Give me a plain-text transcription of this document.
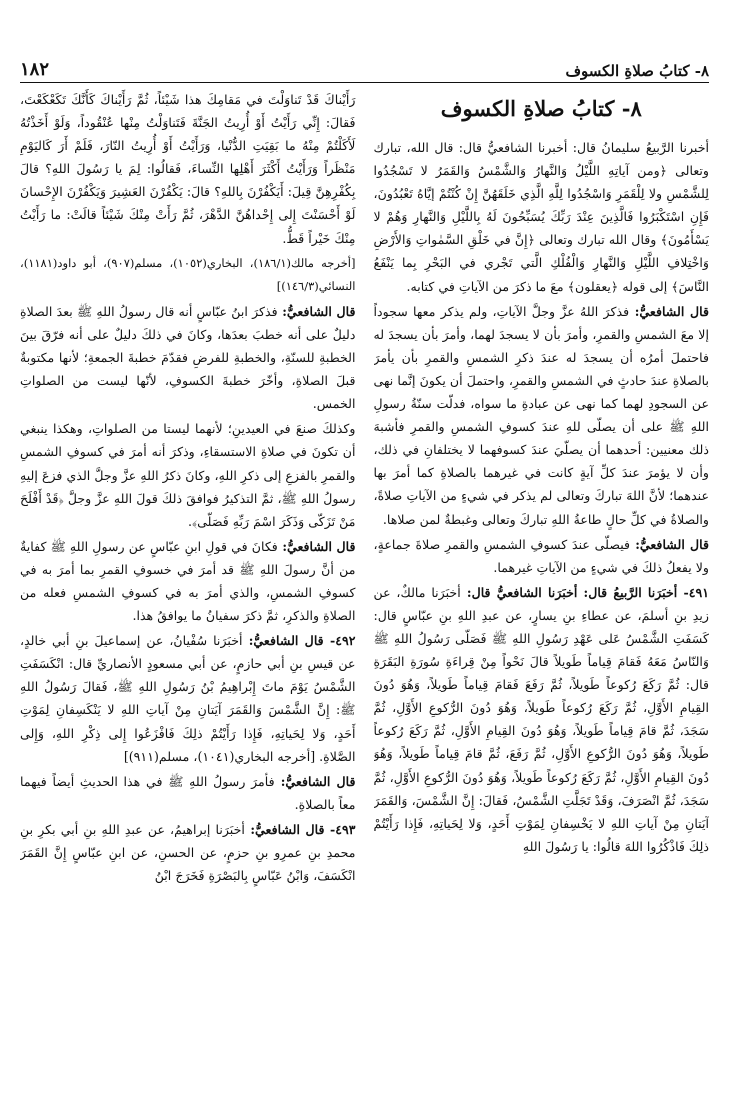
٨- كتابُ صلاةِ الكسوف
١٨٢
٨- كتابُ صلاةِ الكسوف

أخبرنا الرَّبيعُ سليمانُ قال: أخبرنا الشافعيُّ قال: قال الله، تبارك وتعالى ﴿ومن آياتِهِ اللَّيْلُ وَالنَّهارُ وَالشَّمْسُ وَالقَمَرُ لا تَسْجُدُوا لِلشَّمْسِ ولا لِلْقَمَرِ وَاسْجُدُوا لِلَّهِ الَّذِي خَلَقَهُنَّ إِنْ كُنْتُمْ إيَّاهُ تَعْبُدُونَ، فَإِنِ اسْتَكْبَرُوا فَالَّذِينَ عِنْدَ رَبِّكَ يُسَبِّحُونَ لَهُ بِاللَّيْلِ وَالنَّهارِ وَهُمْ لا يَسْأَمُونَ﴾ وقال الله تبارك وتعالى ﴿إِنَّ في خَلْقِ السَّمٰواتِ وَالأَرْضِ وَاخْتِلافِ اللَّيْلِ وَالنَّهارِ وَالْفُلْكِ الَّتي تَجْري في البَحْرِ بِما يَنْفَعُ النَّاسَ﴾ إلى قوله ﴿يعقلون﴾ معَ ما ذكرَ من الآياتِ في كتابه.

قال الشافعيُّ: فذكرَ اللهُ عزَّ وجلَّ الآياتِ، ولم يذكر معها سجوداً إلا معَ الشمسِ والقمرِ، وأمرَ بأن لا يسجدَ لهما، وأمرَ بأن يسجدَ له فاحتملَ أمرُه أن يسجدَ له عندَ ذكرِ الشمسِ والقمرِ بأن يأمرَ بالصلاةِ عندَ حادثٍ في الشمسِ والقمرِ، واحتملَ أن يكونَ إنَّما نهى عن السجودِ لهما كما نهى عن عبادةِ ما سواه، فدلّت سنّةُ رسولِ اللهِ ﷺ على أن يصلّى للهِ عندَ كسوفِ الشمسِ والقمرِ فأشبهَ ذلك معنيين: أحدهما أن يصلّيَ عندَ كسوفهما لا يختلفانِ في ذلك، وأن لا يؤمرَ عندَ كلِّ آيةٍ كانت في غيرهما بالصلاةِ كما أمرَ بها عندهما؛ لأنَّ اللهَ تباركَ وتعالى لم يذكر في شيءٍ من الآياتِ صلاةً، والصلاةُ في كلِّ حالٍ طاعةُ اللهِ تباركَ وتعالى وغبطةٌ لمن صلاها.

قال الشافعيُّ: فيصلّى عندَ كسوفِ الشمسِ والقمرِ صلاةَ جماعةٍ، ولا يفعلُ ذلكَ في شيءٍ من الآياتِ غيرهما.

٤٩١- أخبَرَنا الرَّبيعُ قال: أخبَرَنا الشافعيُّ قال: أخبَرَنا مالكٌ، عن زيدِ بنِ أسلمَ، عن عطاءِ بنِ يسارٍ، عن عبدِ اللهِ بنِ عبّاسٍ قال: كَسَفَتِ الشَّمْسُ عَلى عَهْدِ رَسُولِ اللهِ ﷺ فَصَلّى رَسُولُ اللهِ ﷺ وَالنّاسُ مَعَهُ فَقامَ قِياماً طَويلاً قالَ نَحْواً مِنْ قِراءَةِ سُورَةِ البَقَرَةِ قال: ثُمَّ رَكَعَ رُكوعاً طَويلاً، ثُمَّ رَفَعَ فَقامَ قِياماً طَويلاً، وَهُوَ دُونَ القِيامِ الأَوَّلِ، ثُمَّ رَكَعَ رُكوعاً طَويلاً، وَهُوَ دُونَ الرُّكوعِ الأَوَّلِ، ثُمَّ سَجَدَ، ثُمَّ قامَ قِياماً طَويلاً، وَهُوَ دُونَ القِيامِ الأَوَّلِ، ثُمَّ رَكَعَ رُكوعاً طَويلاً، وَهُوَ دُونَ الرُّكوعِ الأَوَّلِ، ثُمَّ رَفَعَ، ثُمَّ قامَ قِياماً طَويلاً، وَهُوَ دُونَ القِيامِ الأَوَّلِ، ثُمَّ رَكَعَ رُكوعاً طَويلاً، وَهُوَ دُونَ الرُّكوعِ الأَوَّلِ، ثُمَّ سَجَدَ، ثُمَّ انْصَرَفَ، وَقَدْ تَجَلَّتِ الشَّمْسُ، فَقالَ: إِنَّ الشَّمْسَ، وَالقَمَرَ آيَتانِ مِنْ آياتِ اللهِ لا يَخْسِفانِ لِمَوْتِ أَحَدٍ، وَلا لِحَياتِهِ، فَإِذا رَأَيْتُمْ ذلِكَ فَاذْكُرُوا اللهَ قالُوا: يا رَسُولَ اللهِ

رَأَيْناكَ قَدْ تَناوَلْتَ في مَقامِكَ هذا شَيْئاً، ثُمَّ رَأَيْناكَ كَأَنَّكَ تَكَعْكَعْتَ، فَقالَ: إِنِّي رَأَيْتُ أَوْ أُرِيتُ الجَنَّةَ فَتَناوَلْتُ مِنْها عُنْقُوداً، وَلَوْ أَخَذْتُهُ لَأَكَلْتُمْ مِنْهُ ما بَقِيَتِ الدُّنْيا، وَرَأَيْتُ أَوْ أُرِيتُ النّارَ، فَلَمْ أَرَ كَاليَوْمِ مَنْظَراً وَرَأَيْتُ أَكْثَرَ أَهْلِها النِّساءَ، فَقالُوا: لِمَ يا رَسُولَ اللهِ؟ قالَ بِكُفْرِهِنَّ قِيلَ: أَيَكْفُرْنَ بِاللهِ؟ قالَ: يَكْفُرْنَ العَشِيرَ وَيَكْفُرْنَ الإِحْسانَ لَوْ أَحْسَنْتَ إِلى إِحْداهُنَّ الدَّهْرَ، ثُمَّ رَأَتْ مِنْكَ شَيْئاً قالَتْ: ما رَأَيْتُ مِنْكَ خَيْراً قَطُّ.

[أخرجه مالك(١٨٦/١)، البخاري(١٠٥٢)، مسلم(٩٠٧)، أبو داود(١١٨١)، النسائي(١٤٦/٣)]

قال الشافعيُّ: فذكرَ ابنُ عبّاسٍ أنه قال رسولُ اللهِ ﷺ بعدَ الصلاةِ دليلٌ على أنه خطبَ بعدَها، وكانَ في ذلكَ دليلٌ على أنه فرّقَ بينَ الخطبةِ للسنّةِ، والخطبةِ للفرضِ فقدّمَ خطبةَ الجمعةِ؛ لأنها مكتوبةٌ قبلَ الصلاةِ، وأخّرَ خطبةَ الكسوفِ، لأنّها ليست من الصلواتِ الخمس.

وكذلكَ صنعَ في العيدينِ؛ لأنهما ليستا من الصلواتِ، وهكذا ينبغي أن تكونَ في صلاةِ الاستسقاءِ، وذكرَ أنه أمرَ في كسوفِ الشمسِ والقمرِ بالفزعِ إلى ذكرِ اللهِ، وكانَ ذكرُ اللهِ عزَّ وجلَّ الذي فزعَ إليهِ رسولُ اللهِ ﷺ، ثمَّ التذكيرُ فوافقَ ذلكَ قولَ اللهِ عزَّ وجلَّ ﴿قَدْ أَفْلَحَ مَنْ تَزَكّى وَذَكَرَ اسْمَ رَبِّهِ فَصَلّى﴾.

قال الشافعيُّ: فكانَ في قولِ ابنِ عبّاسٍ عن رسولِ اللهِ ﷺ كفايةٌ من أنَّ رسولَ اللهِ ﷺ قد أمرَ في خسوفِ القمرِ بما أمرَ به في كسوفِ الشمسِ، والذي أمرَ به في كسوفِ الشمسِ فعله من الصلاةِ والذكرِ، ثمَّ ذكرَ سفيانُ ما يوافقُ هذا.

٤٩٢- قال الشافعيُّ: أخبَرَنا سُفْيانُ، عن إسماعيلَ بنِ أبي خالدٍ، عن قيسِ بنِ أبي حازمٍ، عن أبي مسعودٍ الأنصاريِّ قال: انْكَسَفَتِ الشَّمْسُ يَوْمَ ماتَ إِبْراهِيمُ بْنُ رَسُولِ اللهِ ﷺ، فَقالَ رَسُولُ اللهِ ﷺ: إِنَّ الشَّمْسَ وَالقَمَرَ آيَتانِ مِنْ آياتِ اللهِ لا يَنْكَسِفانِ لِمَوْتِ أَحَدٍ، وَلا لِحَياتِهِ، فَإِذا رَأَيْتُمْ ذلِكَ فَافْزَعُوا إِلى ذِكْرِ اللهِ، وَإِلى الصَّلاةِ. [أخرجه البخاري(١٠٤١)، مسلم(٩١١)]

قال الشافعيُّ: فأمرَ رسولُ اللهِ ﷺ في هذا الحديثِ أيضاً فيهما معاً بالصلاةِ.

٤٩٣- قال الشافعيُّ: أخبَرَنا إبراهيمُ، عن عبدِ اللهِ بنِ أبي بكرِ بنِ محمدِ بنِ عمرِو بنِ حزمٍ، عن الحسنِ، عن ابنِ عبّاسٍ إِنَّ القَمَرَ انْكَسَفَ، وَابْنُ عَبّاسٍ بِالبَصْرَةِ فَخَرَجَ ابْنُ
